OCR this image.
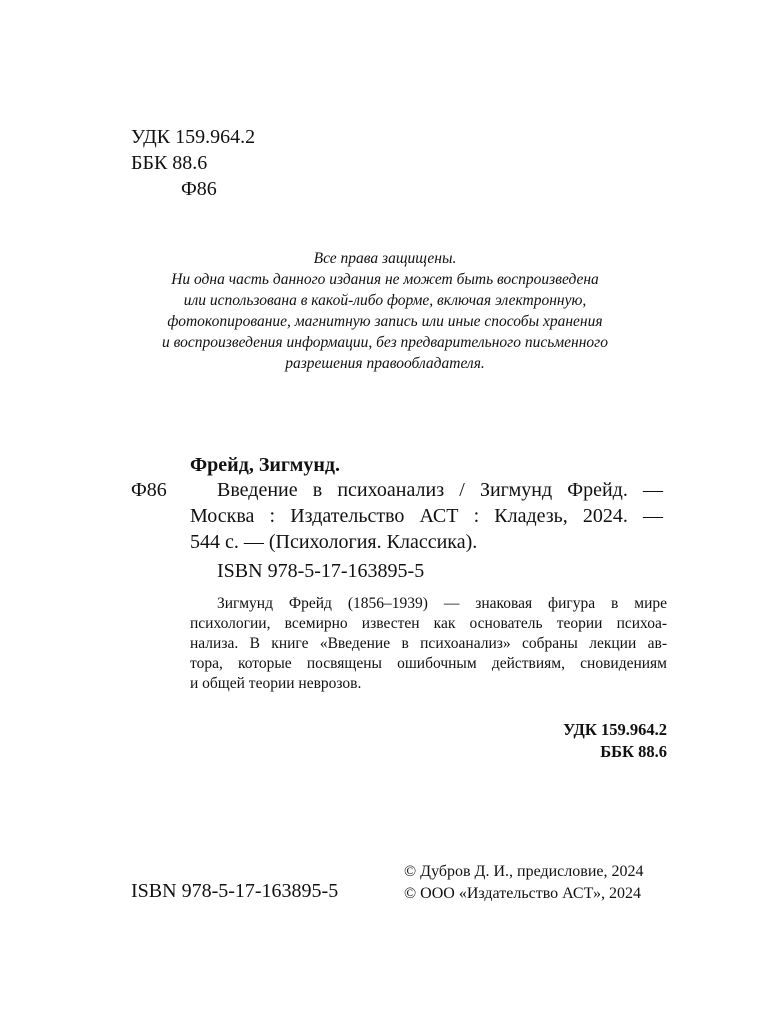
УДК 159.964.2
ББК 88.6
Ф86
Все права защищены.
Ни одна часть данного издания не может быть воспроизведена
или использована в какой-либо форме, включая электронную,
фотокопирование, магнитную запись или иные способы хранения
и воспроизведения информации, без предварительного письменного
разрешения правообладателя.
Фрейд, Зигмунд.
Ф86	Введение в психоанализ / Зигмунд Фрейд. —
Москва : Издательство АСТ : Кладезь, 2024. —
544 с. — (Психология. Классика).
ISBN 978-5-17-163895-5
Зигмунд Фрейд (1856–1939) — знаковая фигура в мире
психологии, всемирно известен как основатель теории психоа-
нализа. В книге «Введение в психоанализ» собраны лекции ав-
тора, которые посвящены ошибочным действиям, сновидениям
и общей теории неврозов.
УДК 159.964.2
ББК 88.6
ISBN 978-5-17-163895-5
© Дубров Д. И., предисловие, 2024
© ООО «Издательство АСТ», 2024
